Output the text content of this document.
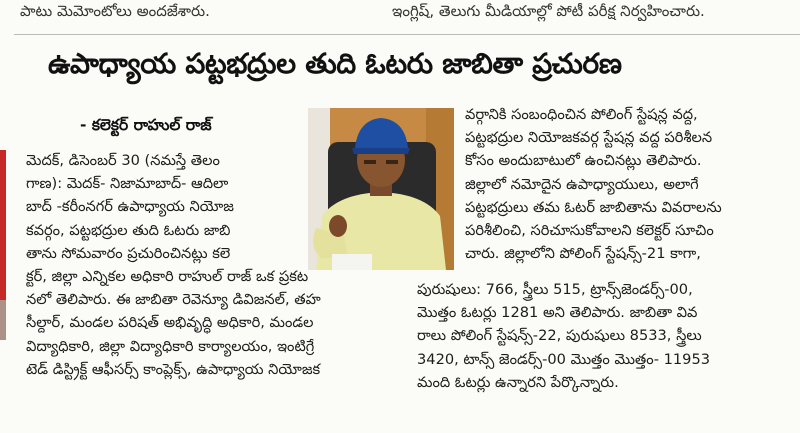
పాటు మెమోంటోలు అందజేశారు.	ఇంగ్లిష్, తెలుగు మీడియాల్లో పోటీ పరీక్ష నిర్వహించారు.
ఉపాధ్యాయ పట్టభద్రుల తుది ఓటరు జాబితా ప్రచురణ
- కలెక్టర్ రాహుల్ రాజ్
మెదక్, డిసెంబర్ 30 (నమస్తే తెలం
గాణ): మెదక్- నిజామాబాద్- ఆదిలా
బాద్ -కరీంనగర్ ఉపాధ్యాయ నియోజ
కవర్గం, పట్టభద్రుల తుది ఓటరు జాబి
తాను సోమవారం ప్రచురించినట్లు కలె
క్టర్, జిల్లా ఎన్నికల అధికారి రాహుల్ రాజ్ ఒక ప్రకట
నలో తెలిపారు. ఈ జాబితా రెవెన్యూ డివిజనల్, తహ
సీల్దార్, మండల పరిషత్ అభివృద్ధి అధికారి, మండల
విద్యాధికారి, జిల్లా విద్యాధికారి కార్యాలయం, ఇంటిగ్రే
టెడ్ డిస్ట్రిక్ట్ ఆఫీసర్స్ కాంప్లెక్స్, ఉపాధ్యాయ నియోజక
వర్గానికి సంబంధించిన పోలింగ్ స్టేషన్ల వద్ద,
పట్టభద్రుల నియోజకవర్గ స్టేషన్ల వద్ద పరిశీలన
కోసం అందుబాటులో ఉంచినట్లు తెలిపారు.
జిల్లాలో నమోదైన ఉపాధ్యాయులు, అలాగే
పట్టభద్రులు తమ ఓటర్ జాబితాను వివరాలను
పరిశీలించి, సరిచూసుకోవాలని కలెక్టర్ సూచిం
చారు. జిల్లాలోని పోలింగ్ స్టేషన్స్-21 కాగా,
పురుషులు: 766, స్త్రీలు 515, ట్రాన్స్‌జెండర్స్-00,
మొత్తం ఓటర్లు 1281 అని తెలిపారు. జాబితా వివ
రాలు పోలింగ్ స్టేషన్స్-22, పురుషులు 8533, స్త్రీలు
3420, టాన్స్ జెండర్స్-00 మొత్తం మొత్తం- 11953
మంది ఓటర్లు ఉన్నారని పేర్కొన్నారు.
